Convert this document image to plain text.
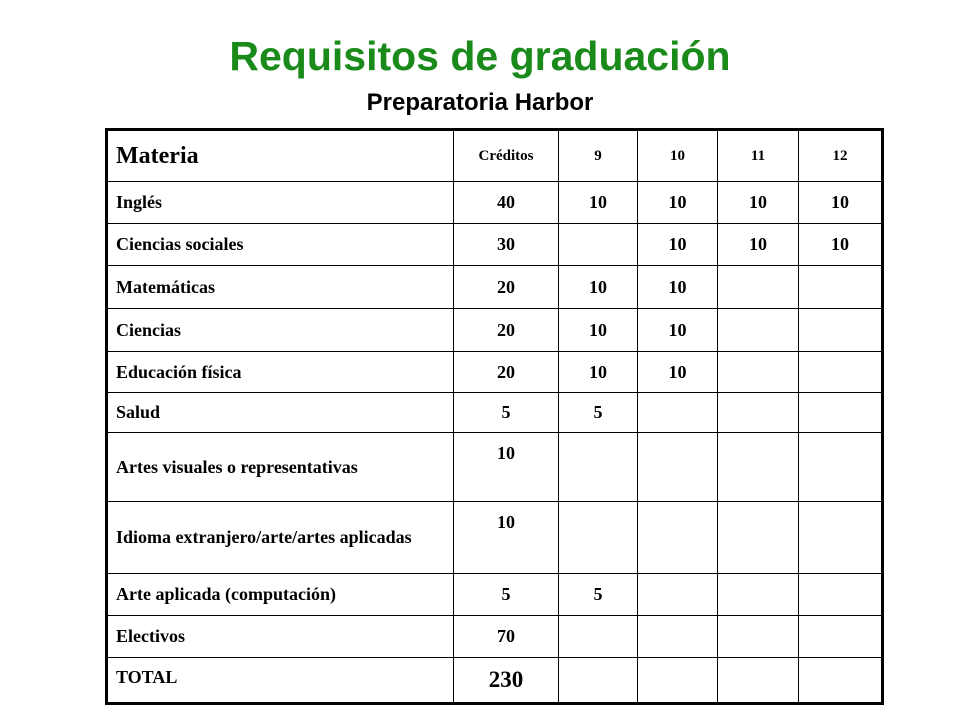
Requisitos de graduación
Preparatoria Harbor
Materia	Créditos	9	10	11	12
Inglés	40	10	10	10	10
Ciencias sociales	30		10	10	10
Matemáticas	20	10	10		
Ciencias	20	10	10		
Educación física	20	10	10		
Salud	5	5			
Artes visuales o representativas	10				
Idioma extranjero/arte/artes aplicadas	10				
Arte aplicada (computación)	5	5			
Electivos	70				
TOTAL	230				
